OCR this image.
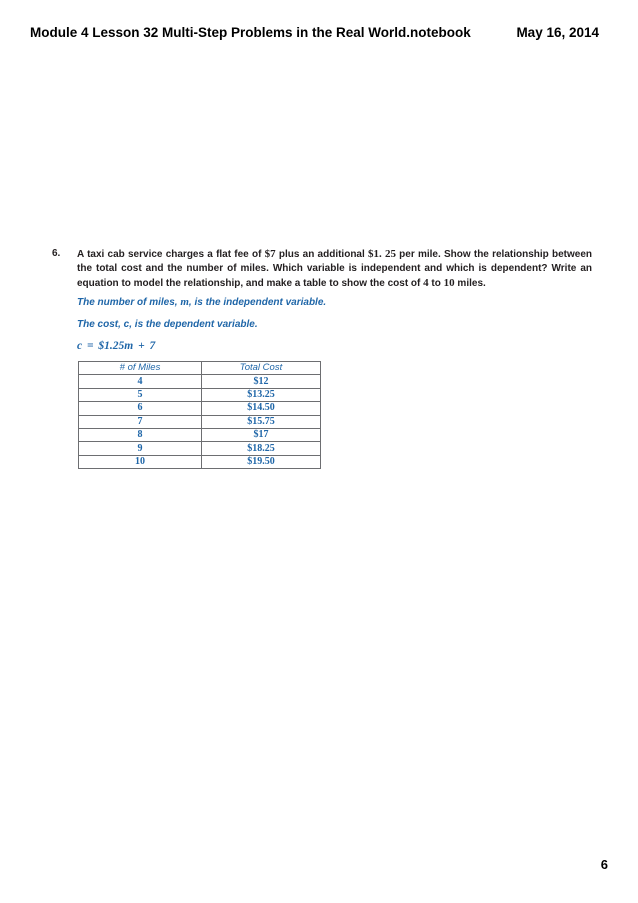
Module 4 Lesson 32 Multi-Step Problems in the Real World.notebook	May 16, 2014
6.	A taxi cab service charges a flat fee of $7 plus an additional $1. 25 per mile. Show the relationship between the total cost and the number of miles. Which variable is independent and which is dependent? Write an equation to model the relationship, and make a table to show the cost of 4 to 10 miles.
The number of miles, m, is the independent variable.
The cost, c, is the dependent variable.
c = $1.25m + 7
# of Miles	Total Cost
4	$12
5	$13.25
6	$14.50
7	$15.75
8	$17
9	$18.25
10	$19.50
6
